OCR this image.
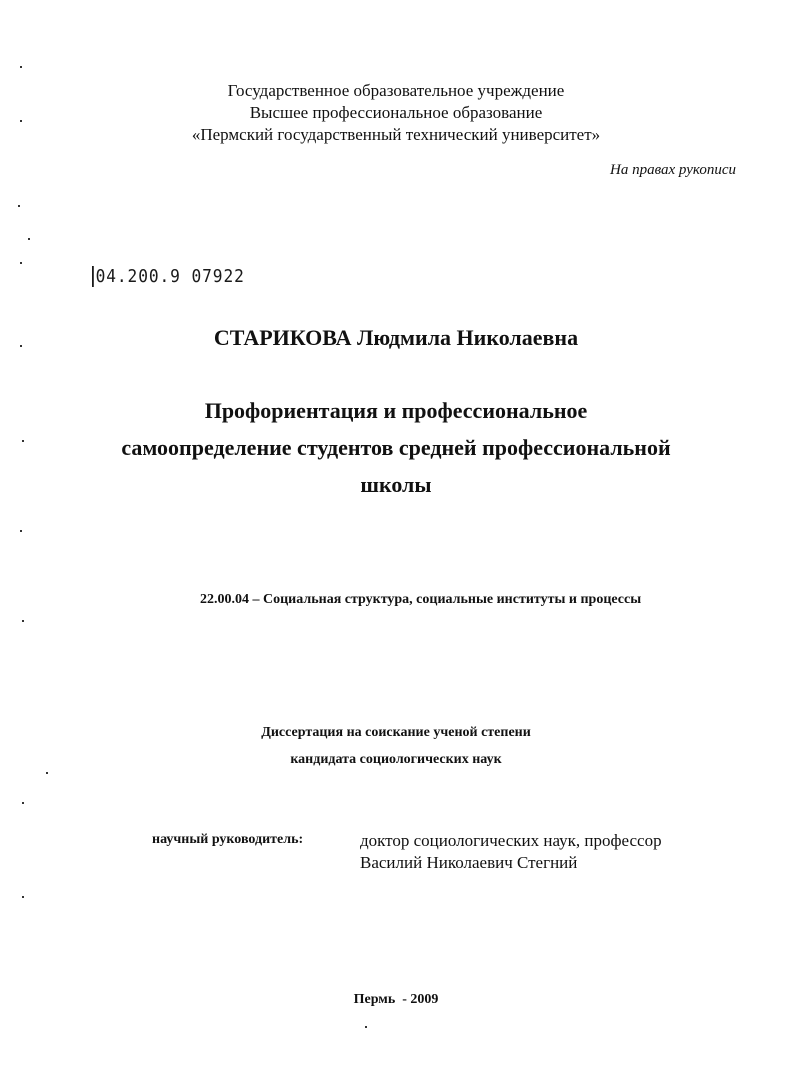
Государственное образовательное учреждение
Высшее профессиональное образование
«Пермский государственный технический университет»
На правах рукописи
04.200.9 07922
СТАРИКОВА Людмила Николаевна
Профориентация и профессиональное
самоопределение студентов средней профессиональной
школы
22.00.04 – Социальная структура, социальные институты и процессы
Диссертация на соискание ученой степени
кандидата социологических наук
научный руководитель:	доктор социологических наук, профессор
Василий Николаевич Стегний
Пермь  - 2009
